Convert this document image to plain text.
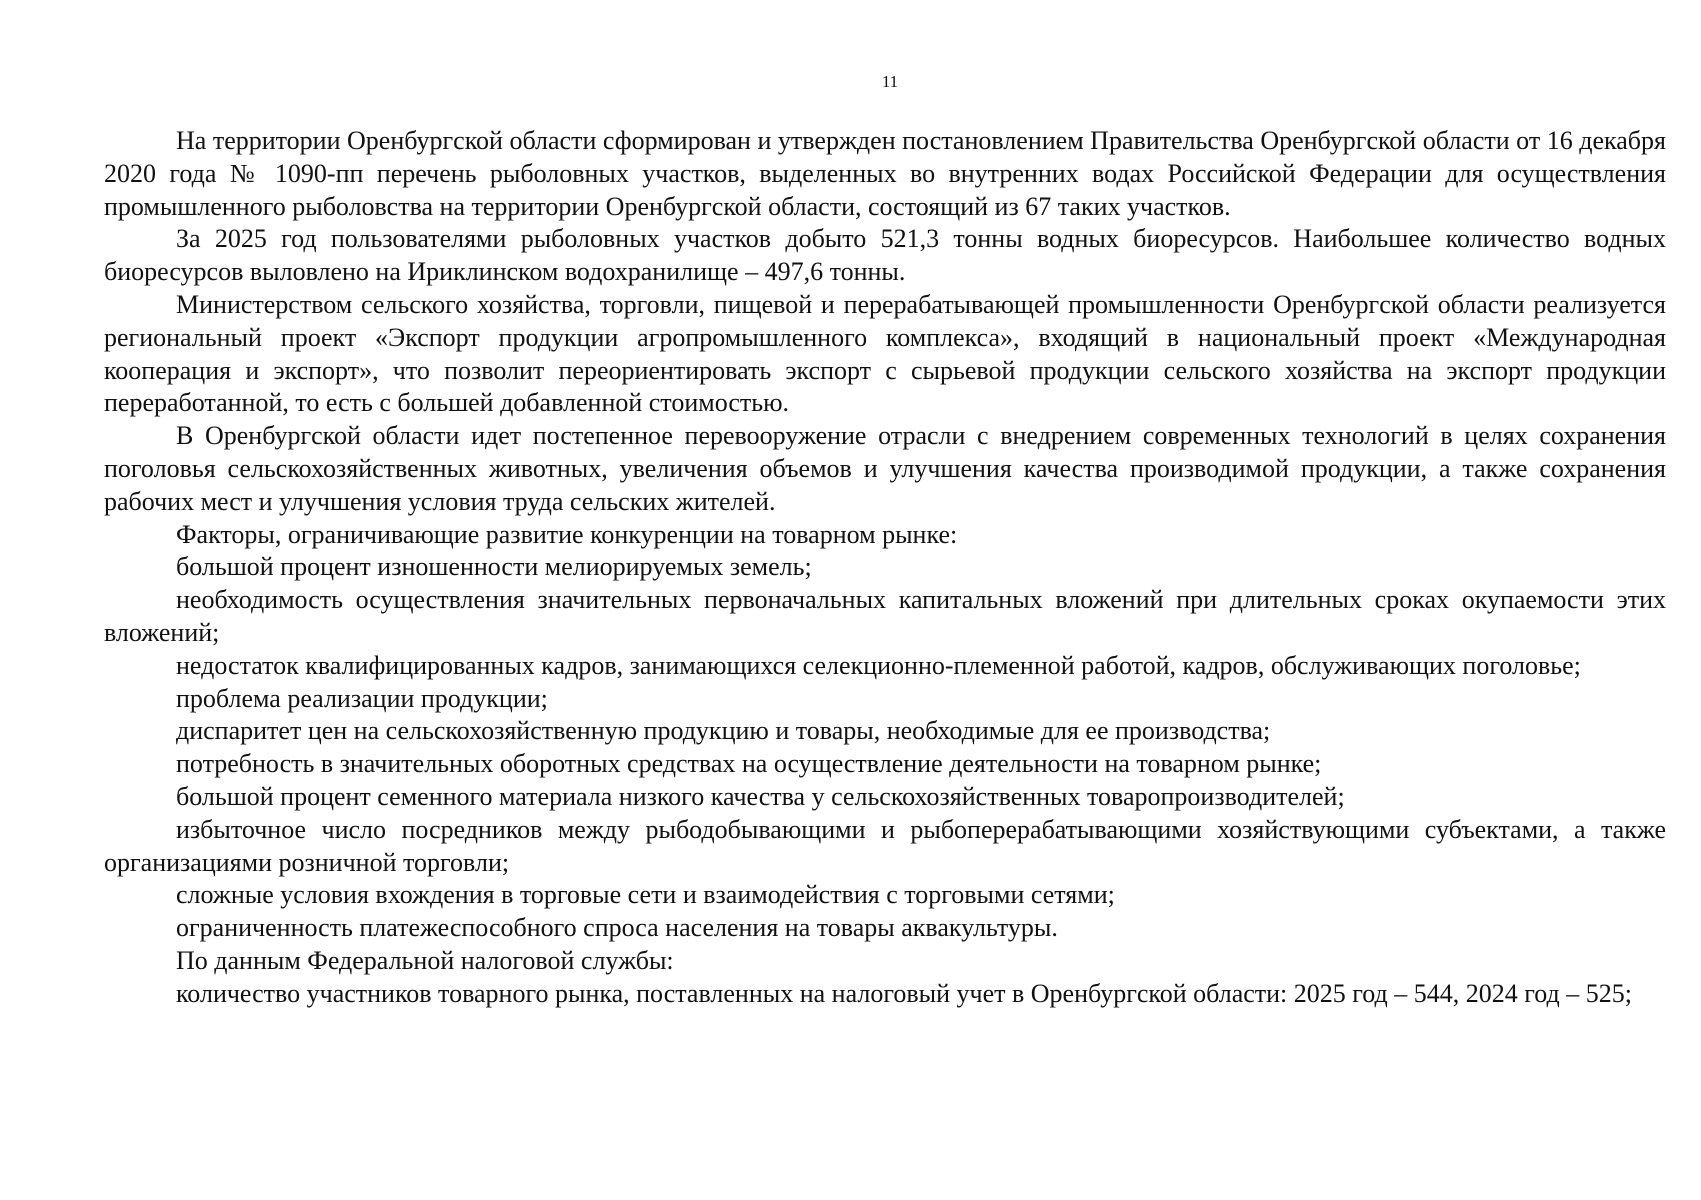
11

На территории Оренбургской области сформирован и утвержден постановлением Правительства Оренбургской области от 16 декабря 2020 года № 1090-пп перечень рыболовных участков, выделенных во внутренних водах Российской Федерации для осуществления промышленного рыболовства на территории Оренбургской области, состоящий из 67 таких участков.

За 2025 год пользователями рыболовных участков добыто 521,3 тонны водных биоресурсов. Наибольшее количество водных биоресурсов выловлено на Ириклинском водохранилище – 497,6 тонны.

Министерством сельского хозяйства, торговли, пищевой и перерабатывающей промышленности Оренбургской области реализуется региональный проект «Экспорт продукции агропромышленного комплекса», входящий в национальный проект «Международная кооперация и экспорт», что позволит переориентировать экспорт с сырьевой продукции сельского хозяйства на экспорт продукции переработанной, то есть с большей добавленной стоимостью.

В Оренбургской области идет постепенное перевооружение отрасли с внедрением современных технологий в целях сохранения поголовья сельскохозяйственных животных, увеличения объемов и улучшения качества производимой продукции, а также сохранения рабочих мест и улучшения условия труда сельских жителей.

Факторы, ограничивающие развитие конкуренции на товарном рынке:

большой процент изношенности мелиорируемых земель;

необходимость осуществления значительных первоначальных капитальных вложений при длительных сроках окупаемости этих вложений;

недостаток квалифицированных кадров, занимающихся селекционно-племенной работой, кадров, обслуживающих поголовье;

проблема реализации продукции;

диспаритет цен на сельскохозяйственную продукцию и товары, необходимые для ее производства;

потребность в значительных оборотных средствах на осуществление деятельности на товарном рынке;

большой процент семенного материала низкого качества у сельскохозяйственных товаропроизводителей;

избыточное число посредников между рыбодобывающими и рыбоперерабатывающими хозяйствующими субъектами, а также организациями розничной торговли;

сложные условия вхождения в торговые сети и взаимодействия с торговыми сетями;

ограниченность платежеспособного спроса населения на товары аквакультуры.

По данным Федеральной налоговой службы:

количество участников товарного рынка, поставленных на налоговый учет в Оренбургской области: 2025 год – 544, 2024 год – 525;
